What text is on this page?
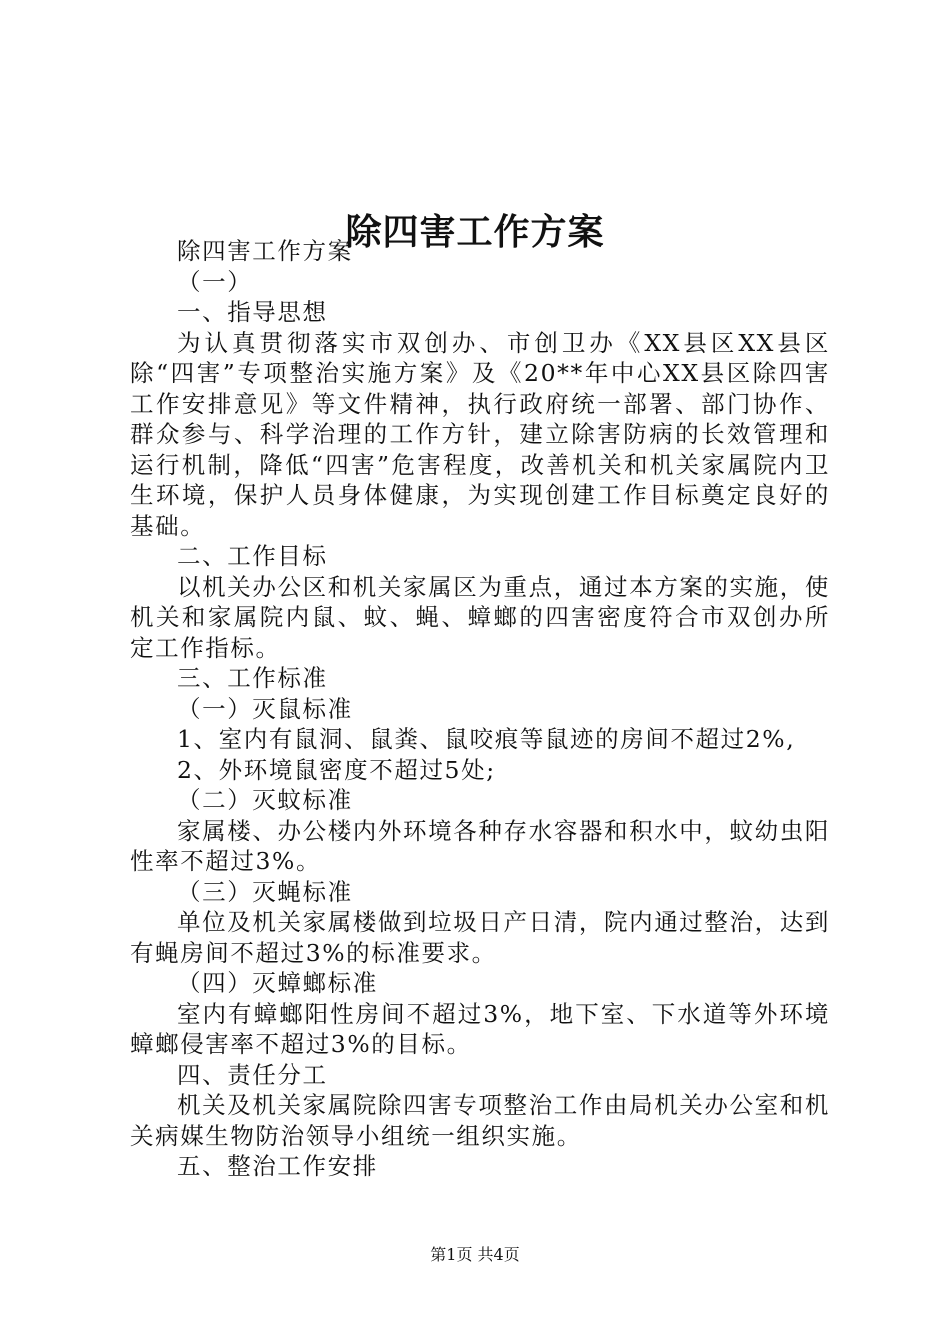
除四害工作方案

除四害工作方案

（一）

一、指导思想

为认真贯彻落实市双创办、市创卫办《XX县区XX县区除“四害”专项整治实施方案》及《20**年中心XX县区除四害工作安排意见》等文件精神，执行政府统一部署、部门协作、群众参与、科学治理的工作方针，建立除害防病的长效管理和运行机制，降低“四害”危害程度，改善机关和机关家属院内卫生环境，保护人员身体健康，为实现创建工作目标奠定良好的基础。

二、工作目标

以机关办公区和机关家属区为重点，通过本方案的实施，使机关和家属院内鼠、蚊、蝇、蟑螂的四害密度符合市双创办所定工作指标。

三、工作标准

（一）灭鼠标准

1、室内有鼠洞、鼠粪、鼠咬痕等鼠迹的房间不超过2%,

2、外环境鼠密度不超过5处;

（二）灭蚊标准

家属楼、办公楼内外环境各种存水容器和积水中，蚊幼虫阳性率不超过3%。

（三）灭蝇标准

单位及机关家属楼做到垃圾日产日清，院内通过整治，达到有蝇房间不超过3%的标准要求。

（四）灭蟑螂标准

室内有蟑螂阳性房间不超过3%，地下室、下水道等外环境蟑螂侵害率不超过3%的目标。

四、责任分工

机关及机关家属院除四害专项整治工作由局机关办公室和机关病媒生物防治领导小组统一组织实施。

五、整治工作安排

第1页 共4页
